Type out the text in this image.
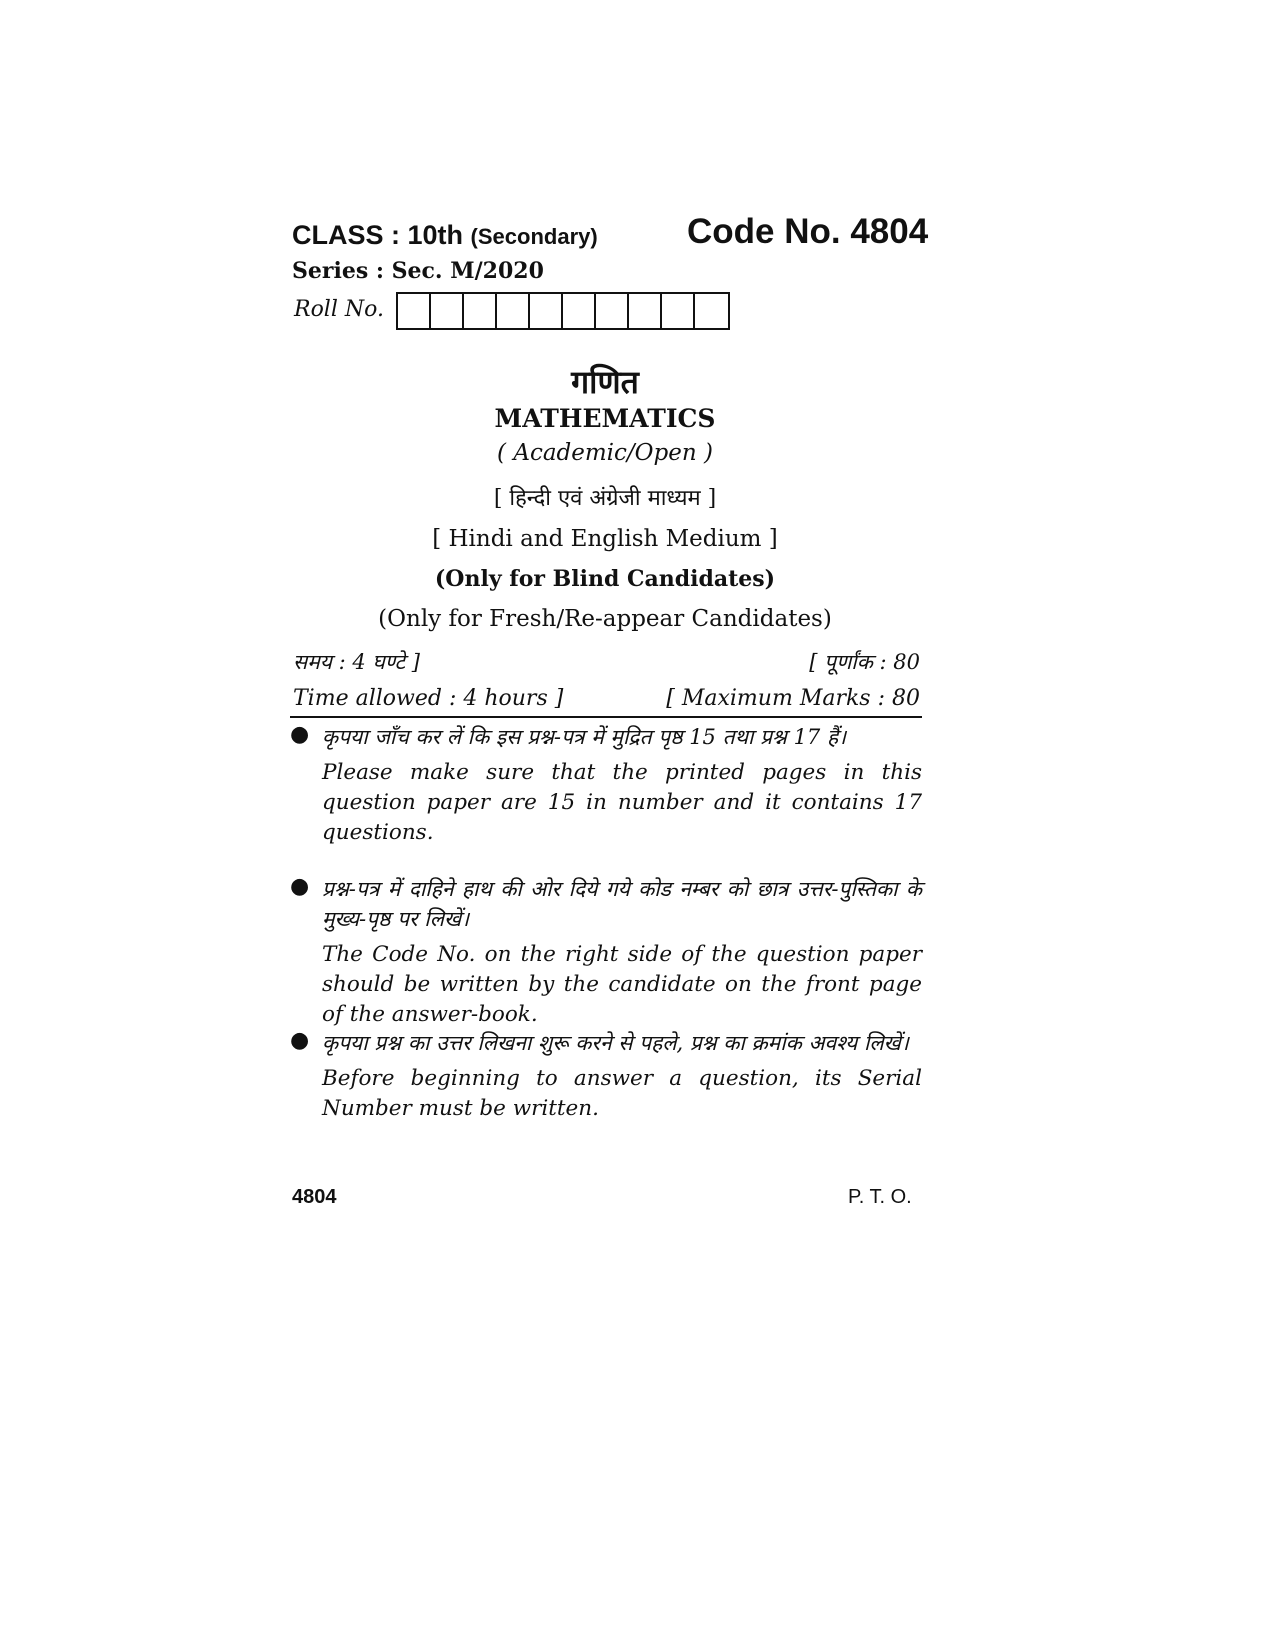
CLASS : 10th (Secondary)	Code No. 4804
Series : Sec. M/2020
Roll No.
गणित
MATHEMATICS
( Academic/Open )
[ हिन्दी एवं अंग्रेजी माध्यम ]
[ Hindi and English Medium ]
(Only for Blind Candidates)
(Only for Fresh/Re-appear Candidates)
समय : 4 घण्टे ]	[ पूर्णांक : 80
Time allowed : 4 hours ]	[ Maximum Marks : 80
● कृपया जाँच कर लें कि इस प्रश्न-पत्र में मुद्रित पृष्ठ 15 तथा प्रश्न 17 हैं।
Please make sure that the printed pages in this question paper are 15 in number and it contains 17 questions.
● प्रश्न-पत्र में दाहिने हाथ की ओर दिये गये कोड नम्बर को छात्र उत्तर-पुस्तिका के मुख्य-पृष्ठ पर लिखें।
The Code No. on the right side of the question paper should be written by the candidate on the front page of the answer-book.
● कृपया प्रश्न का उत्तर लिखना शुरू करने से पहले, प्रश्न का क्रमांक अवश्य लिखें।
Before beginning to answer a question, its Serial Number must be written.
4804	P. T. O.
